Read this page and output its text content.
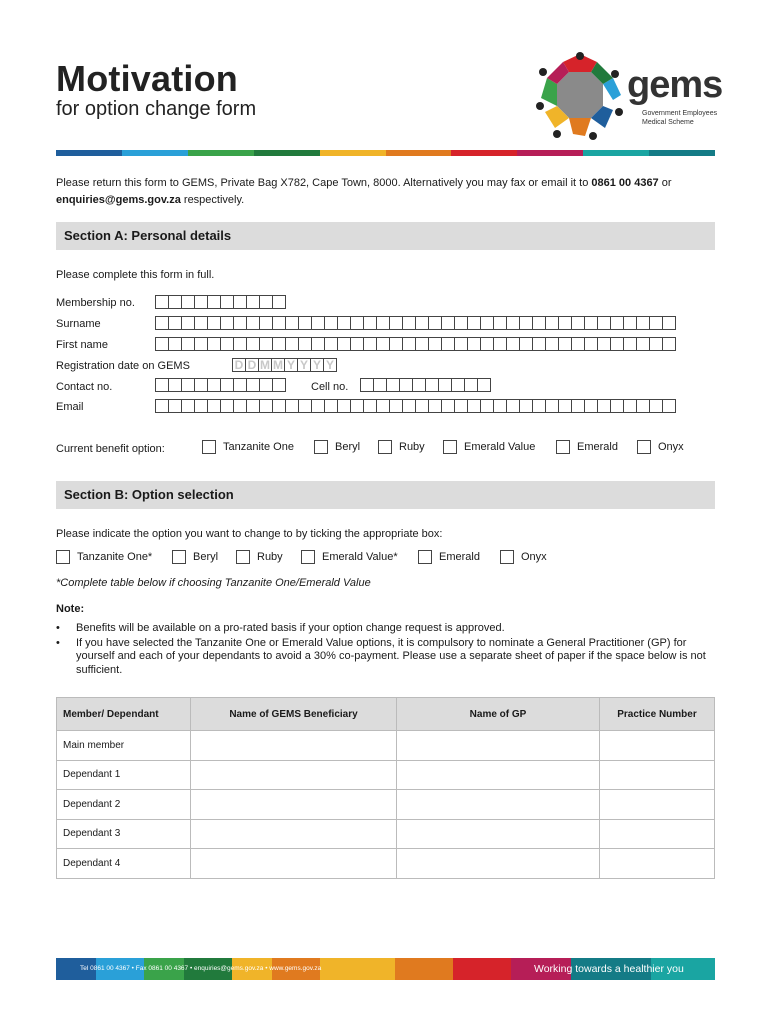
Motivation
for option change form
gems
Government Employees
Medical Scheme
Please return this form to GEMS, Private Bag X782, Cape Town, 8000. Alternatively you may fax or email it to 0861 00 4367 or
enquiries@gems.gov.za respectively.
Section A: Personal details
Please complete this form in full.
Membership no.
Surname
First name
Registration date on GEMS	D D M M Y Y Y Y
Contact no.	Cell no.
Email
Current benefit option:	Tanzanite One	Beryl	Ruby	Emerald Value	Emerald	Onyx
Section B: Option selection
Please indicate the option you want to change to by ticking the appropriate box:
Tanzanite One*	Beryl	Ruby	Emerald Value*	Emerald	Onyx
*Complete table below if choosing Tanzanite One/Emerald Value
Note:
• Benefits will be available on a pro-rated basis if your option change request is approved.
• If you have selected the Tanzanite One or Emerald Value options, it is compulsory to nominate a General Practitioner (GP) for yourself and each of your dependants to avoid a 30% co-payment. Please use a separate sheet of paper if the space below is not sufficient.
Member/ Dependant	Name of GEMS Beneficiary	Name of GP	Practice Number
Main member			
Dependant 1			
Dependant 2			
Dependant 3			
Dependant 4			
Tel 0861 00 4367 • Fax 0861 00 4367 • enquiries@gems.gov.za • www.gems.gov.za	Working towards a healthier you
